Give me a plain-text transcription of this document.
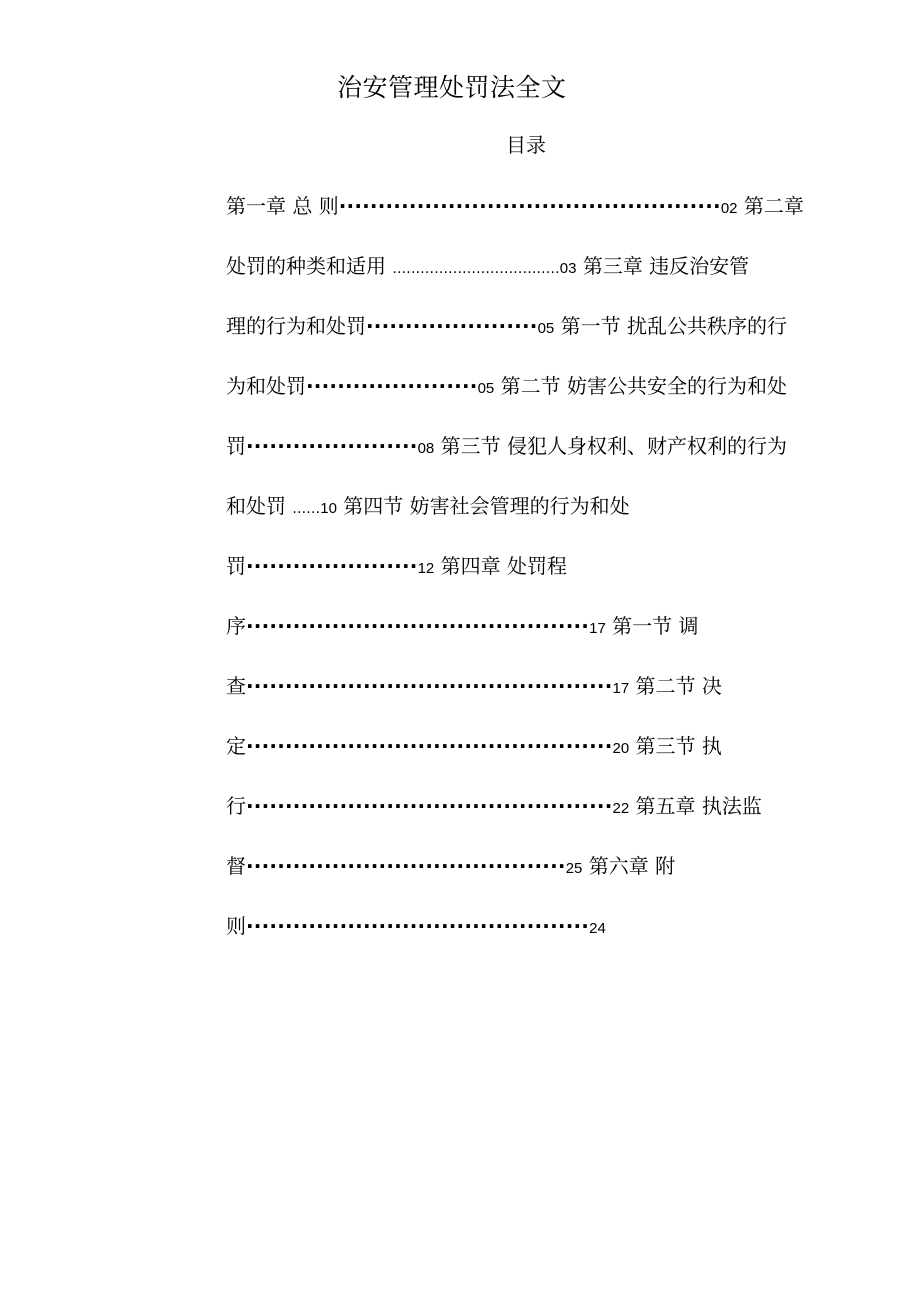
治安管理处罚法全文
目录
第一章 总 则·················································02 第二章
处罚的种类和适用 ....................................03 第三章 违反治安管
理的行为和处罚······················05 第一节 扰乱公共秩序的行
为和处罚······················05 第二节 妨害公共安全的行为和处
罚······················08 第三节 侵犯人身权利、财产权利的行为
和处罚 ......10 第四节 妨害社会管理的行为和处
罚······················12 第四章 处罚程
序············································17 第一节 调
查···············································17 第二节 决
定···············································20 第三节 执
行···············································22 第五章 执法监
督·········································25 第六章 附
则············································24
